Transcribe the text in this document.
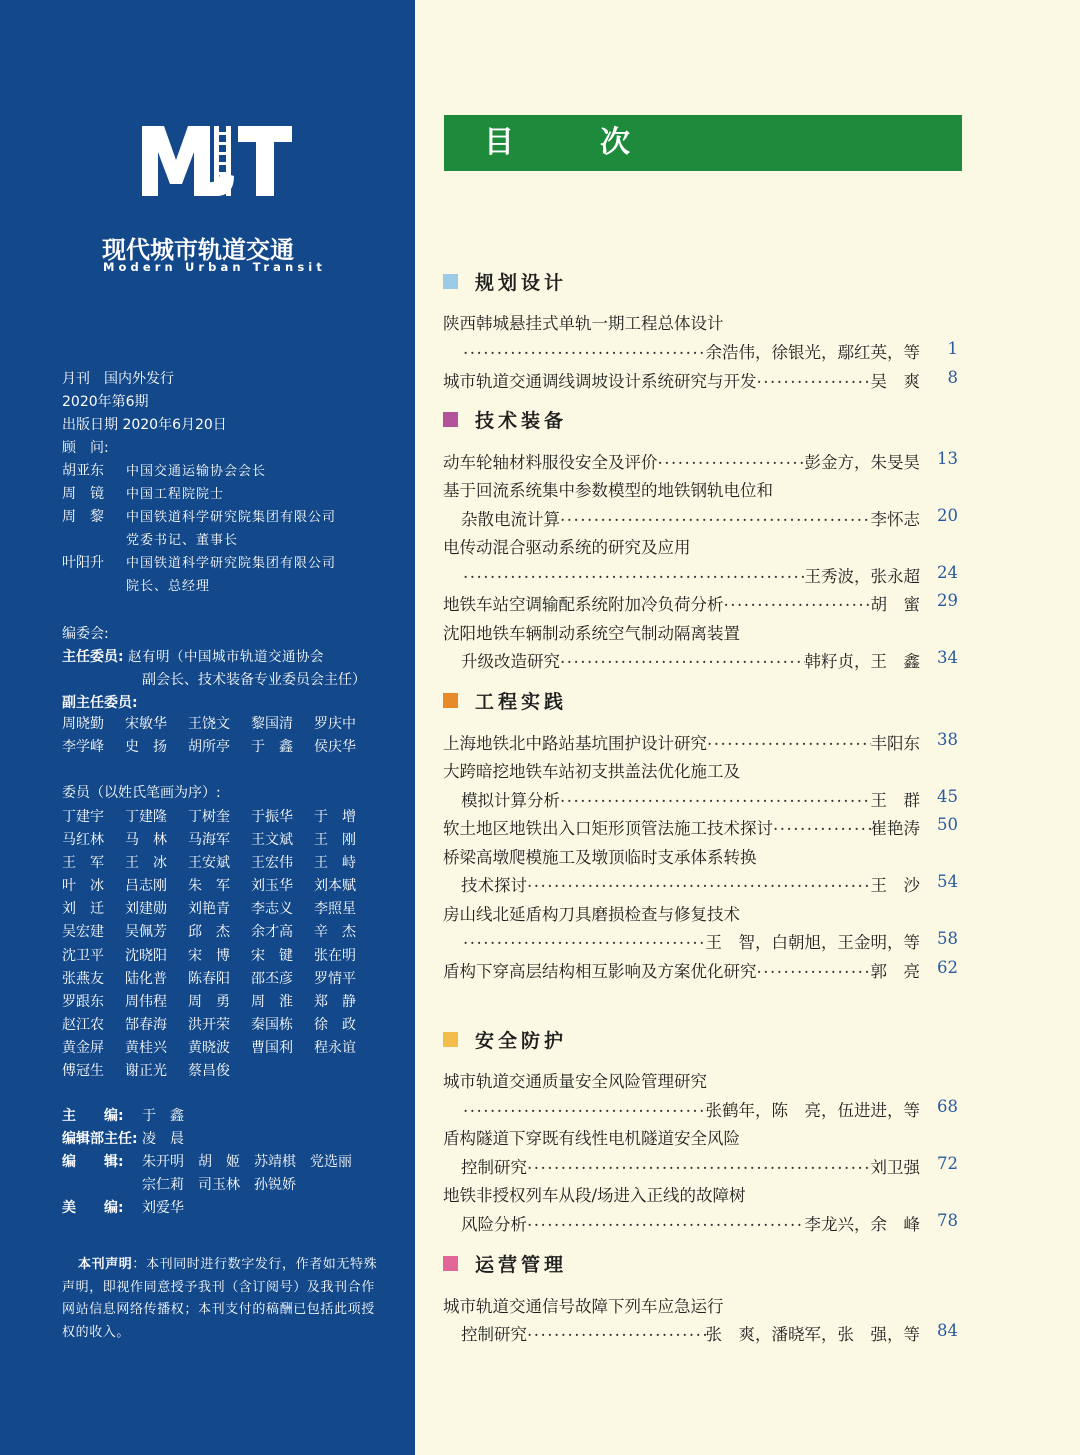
现代城市轨道交通
Modern Urban Transit
月刊　国内外发行
2020年第6期
出版日期 2020年6月20日
顾　问:
胡亚东 中国交通运输协会会长
周　镜 中国工程院院士
周　黎 中国铁道科学研究院集团有限公司
党委书记、董事长
叶阳升 中国铁道科学研究院集团有限公司
院长、总经理
编委会:
主任委员: 赵有明（中国城市轨道交通协会
副会长、技术装备专业委员会主任）
副主任委员:
周晓勤	宋敏华	王饶文	黎国清	罗庆中
李学峰	史　扬	胡所亭	于　鑫	侯庆华
委员（以姓氏笔画为序）:
丁建宇	丁建隆	丁树奎	于振华	于　增
马红林	马　林	马海军	王文斌	王　刚
王　军	王　冰	王安斌	王宏伟	王　峙
叶　冰	吕志刚	朱　军	刘玉华	刘本赋
刘　迁	刘建勋	刘艳青	李志义	李照星
吴宏建	吴佩芳	邱　杰	余才高	辛　杰
沈卫平	沈晓阳	宋　博	宋　键	张在明
张燕友	陆化普	陈春阳	邵丕彦	罗情平
罗跟东	周伟程	周　勇	周　淮	郑　静
赵江农	郜春海	洪开荣	秦国栋	徐　政
黄金屏	黄桂兴	黄晓波	曹国利	程永谊
傅冠生	谢正光	蔡昌俊
主　　编: 于　鑫
编辑部主任: 凌　晨
编　　辑: 朱开明　胡　姬　苏靖棋　党选丽
宗仁莉　司玉林　孙锐娇
美　　编: 刘爱华
本刊声明：本刊同时进行数字发行，作者如无特殊声明，即视作同意授予我刊（含订阅号）及我刊合作网站信息网络传播权；本刊支付的稿酬已包括此项授权的收入。
目　次
规划设计
陕西韩城悬挂式单轨一期工程总体设计
.....
余浩伟，徐银光，鄢红英，等	1
城市轨道交通调线调坡设计系统研究与开发 .....	吴　爽	8
技术装备
动车轮轴材料服役安全及评价 .....	彭金方，朱旻昊	13
基于回流系统集中参数模型的地铁钢轨电位和
杂散电流计算 .....	李怀志	20
电传动混合驱动系统的研究及应用
.....
王秀波，张永超	24
地铁车站空调输配系统附加冷负荷分析 .....	胡　蜜	29
沈阳地铁车辆制动系统空气制动隔离装置
升级改造研究 .....	韩籽贞，王　鑫	34
工程实践
上海地铁北中路站基坑围护设计研究 .....	丰阳东	38
大跨暗挖地铁车站初支拱盖法优化施工及
模拟计算分析 .....	王　群	45
软土地区地铁出入口矩形顶管法施工技术探讨 .....	崔艳涛	50
桥梁高墩爬模施工及墩顶临时支承体系转换
技术探讨 .....	王　沙	54
房山线北延盾构刀具磨损检查与修复技术
.....
王　智，白朝旭，王金明，等	58
盾构下穿高层结构相互影响及方案优化研究 .....	郭　亮	62
安全防护
城市轨道交通质量安全风险管理研究
.....
张鹤年，陈　亮，伍进进，等	68
盾构隧道下穿既有线性电机隧道安全风险
控制研究 .....	刘卫强	72
地铁非授权列车从段/场进入正线的故障树
风险分析 .....	李龙兴，余　峰	78
运营管理
城市轨道交通信号故障下列车应急运行
控制研究 .....	张　爽，潘晓军，张　强，等	84
